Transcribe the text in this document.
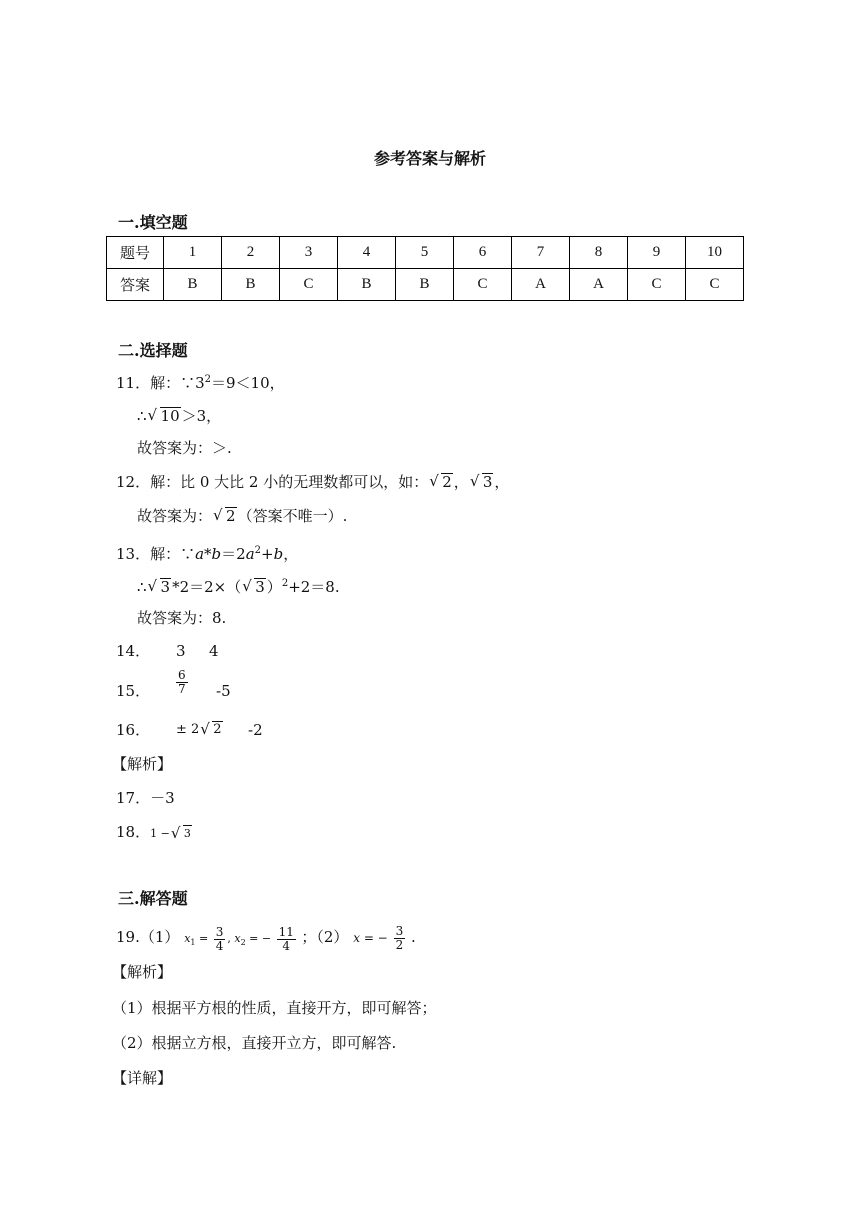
参考答案与解析
一.填空题
题号	1	2	3	4	5	6	7	8	9	10
答案	B	B	C	B	B	C	A	A	C	C
二.选择题
11．解：$\because 3^2=9<10$，
∴ √ 10 ＞3，
故答案为：＞.
12．解：比 0 大比 2 小的无理数都可以，如： √ 2 ， √ 3 ，
故答案为： √ 2 （答案不唯一）.
13．解：$\because a*b=2a^2+b$，
∴ √ 3 *2＝2×（ √ 3 ）$^2$+2＝8.
故答案为：8.
14． 3 4
15． $\frac{6}{7} -5$
16． ± 2 √ 2 -2
【解析】
17．－3
18．1 − √ 3
三.解答题
19.（1） $x_1 = \frac{3}{4}$ , $x_2$ = − $\frac{11}{4}$ ；（2） x = − $\frac{3}{2}$ .
【解析】
（1）根据平方根的性质，直接开方，即可解答；
（2）根据立方根，直接开立方，即可解答.
【详解】
